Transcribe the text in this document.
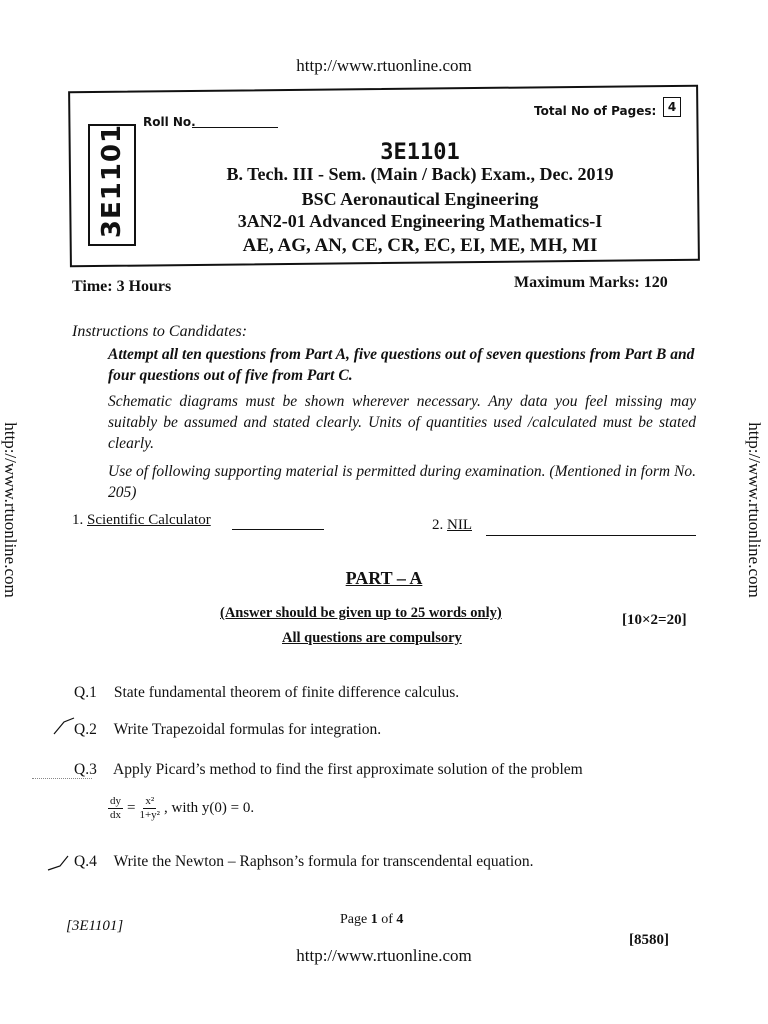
http://www.rtuonline.com
http://www.rtuonline.com	http://www.rtuonline.com
http://www.rtuonline.com
3E1101
Roll No.
Total No of Pages: 4
3E1101
B. Tech. III - Sem. (Main / Back) Exam., Dec. 2019
BSC Aeronautical Engineering
3AN2-01 Advanced Engineering Mathematics-I
AE, AG, AN, CE, CR, EC, EI, ME, MH, MI
Time: 3 Hours	Maximum Marks: 120
Instructions to Candidates:
Attempt all ten questions from Part A, five questions out of seven questions from Part B and four questions out of five from Part C.
Schematic diagrams must be shown wherever necessary. Any data you feel missing may suitably be assumed and stated clearly. Units of quantities used /calculated must be stated clearly.
Use of following supporting material is permitted during examination. (Mentioned in form No. 205)
1. Scientific Calculator	2. NIL
PART – A
(Answer should be given up to 25 words only)	[10×2=20]
All questions are compulsory
Q.1 State fundamental theorem of finite difference calculus.
Q.2 Write Trapezoidal formulas for integration.
Q.3 Apply Picard’s method to find the first approximate solution of the problem
$\frac{dy}{dx} = \frac{\text{x²}}{\text{1+y²}}$ , with y(0) = 0.
Q.4 Write the Newton – Raphson’s formula for transcendental equation.
[3E1101]	Page 1 of 4
[8580]
